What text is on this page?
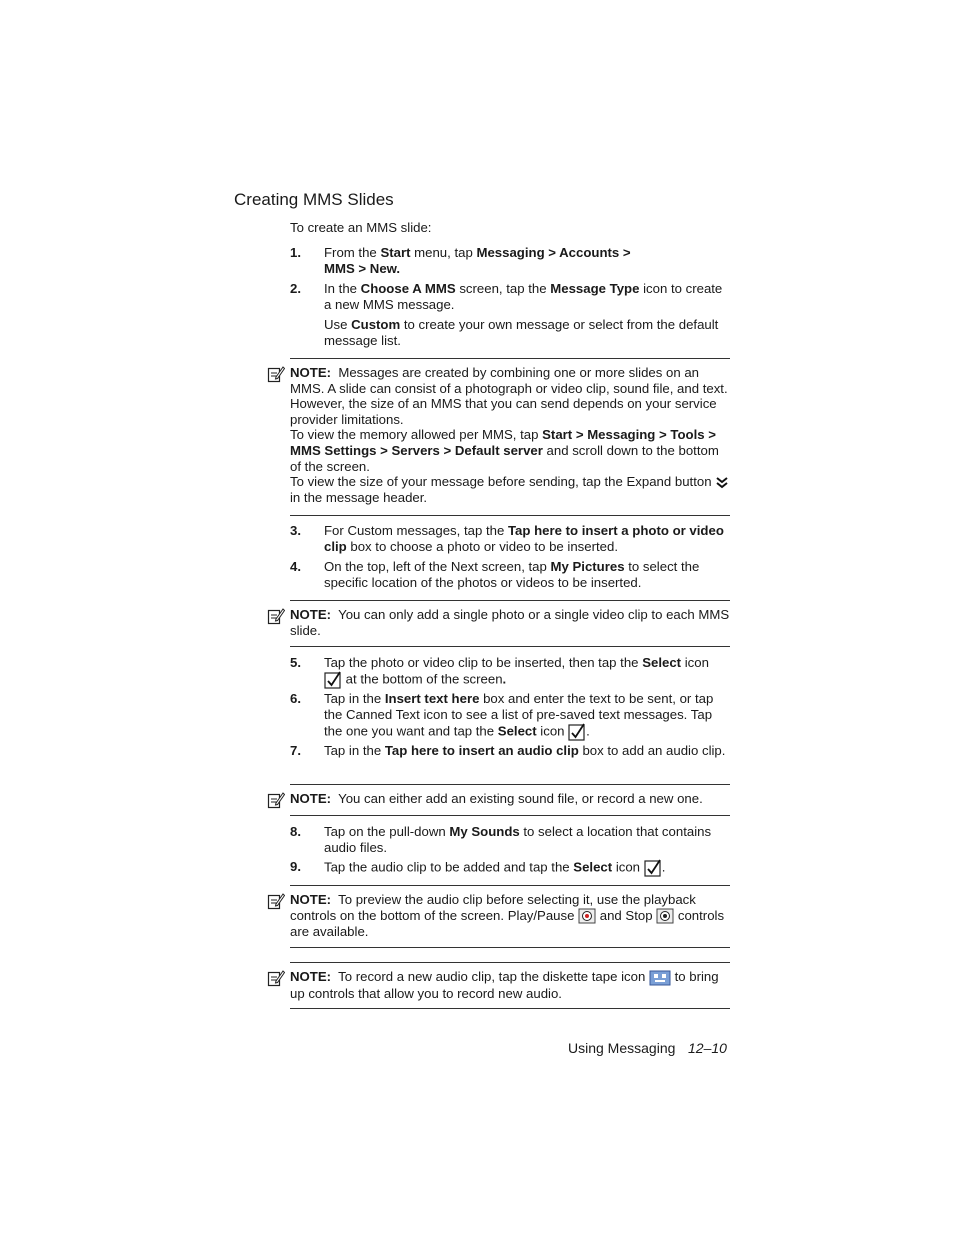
Creating MMS Slides
To create an MMS slide:
1. From the Start menu, tap Messaging > Accounts > MMS > New.
2. In the Choose A MMS screen, tap the Message Type icon to create a new MMS message.
Use Custom to create your own message or select from the default message list.
NOTE: Messages are created by combining one or more slides on an MMS. A slide can consist of a photograph or video clip, sound file, and text. However, the size of an MMS that you can send depends on your service provider limitations.
To view the memory allowed per MMS, tap Start > Messaging > Tools > MMS Settings > Servers > Default server and scroll down to the bottom of the screen.
To view the size of your message before sending, tap the Expand button  in the message header.
3. For Custom messages, tap the Tap here to insert a photo or video clip box to choose a photo or video to be inserted.
4. On the top, left of the Next screen, tap My Pictures to select the specific location of the photos or videos to be inserted.
NOTE: You can only add a single photo or a single video clip to each MMS slide.
5. Tap the photo or video clip to be inserted, then tap the Select icon
at the bottom of the screen.
6. Tap in the Insert text here box and enter the text to be sent, or tap the Canned Text icon to see a list of pre-saved text messages. Tap the one you want and tap the Select icon .
7. Tap in the Tap here to insert an audio clip box to add an audio clip.
NOTE: You can either add an existing sound file, or record a new one.
8. Tap on the pull-down My Sounds to select a location that contains audio files.
9. Tap the audio clip to be added and tap the Select icon .
NOTE: To preview the audio clip before selecting it, use the playback controls on the bottom of the screen. Play/Pause  and Stop  controls are available.
NOTE: To record a new audio clip, tap the diskette tape icon  to bring up controls that allow you to record new audio.
Using Messaging 12–10
